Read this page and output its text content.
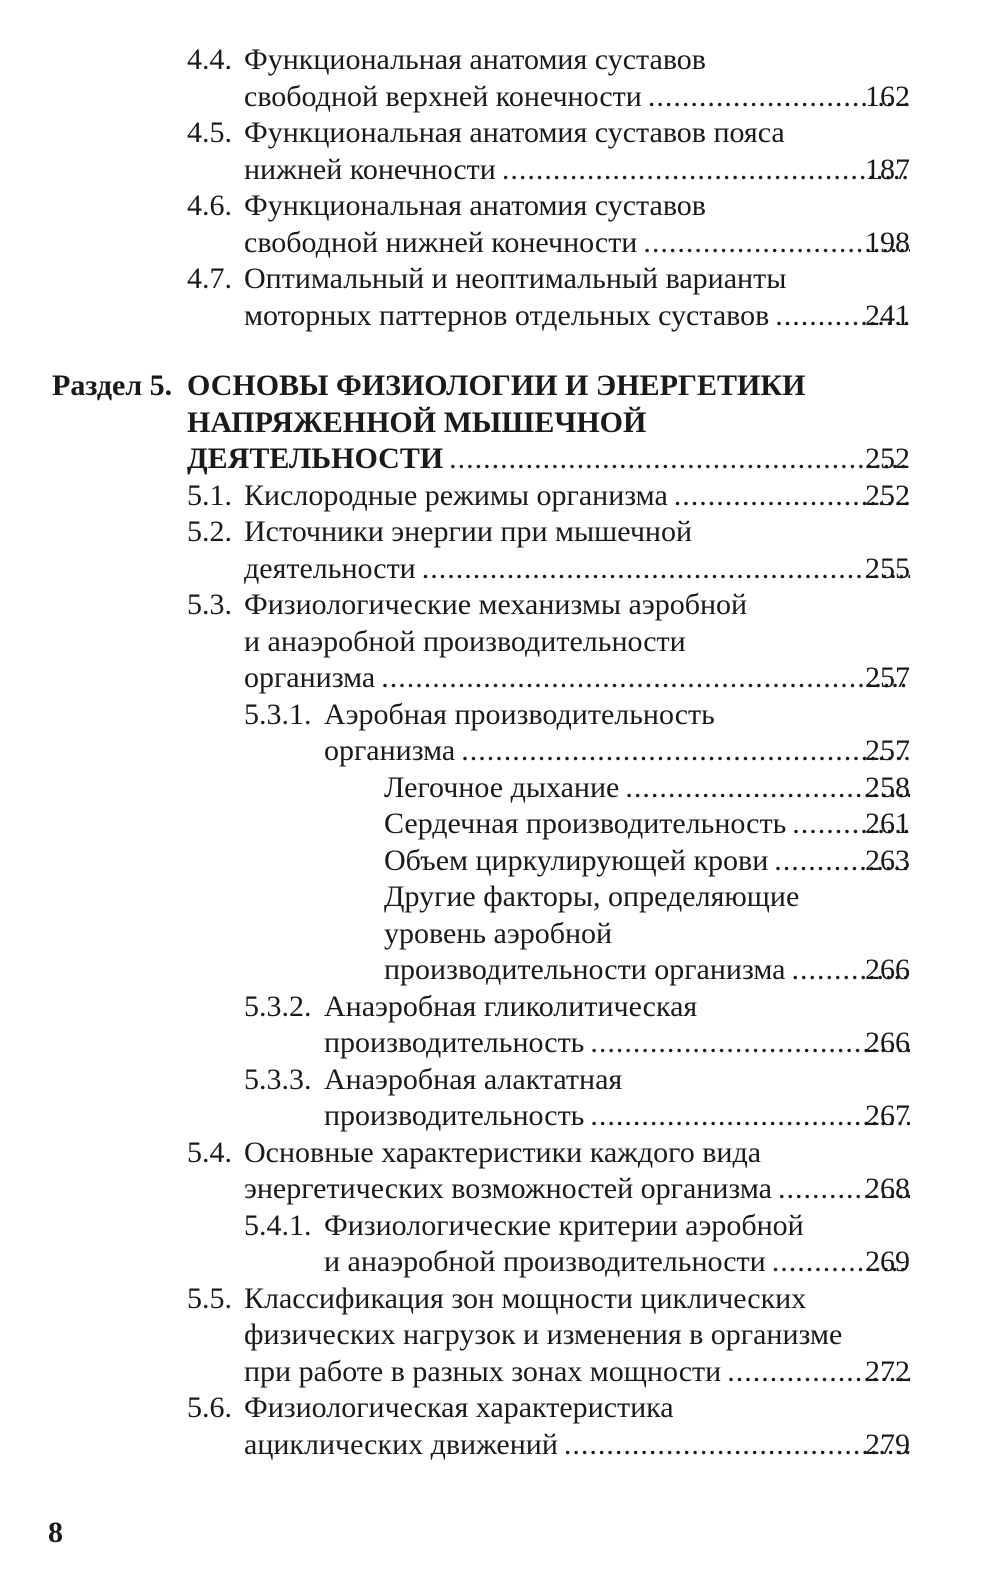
4.4. Функциональная анатомия суставов
свободной верхней конечности .....	162
4.5. Функциональная анатомия суставов пояса
нижней конечности .....	187
4.6. Функциональная анатомия суставов
свободной нижней конечности .....	198
4.7. Оптимальный и неоптимальный варианты
моторных паттернов отдельных суставов .....	241
Раздел 5. ОСНОВЫ ФИЗИОЛОГИИ И ЭНЕРГЕТИКИ
НАПРЯЖЕННОЙ МЫШЕЧНОЙ
ДЕЯТЕЛЬНОСТИ .....	252
5.1. Кислородные режимы организма .....	252
5.2. Источники энергии при мышечной
деятельности .....	255
5.3. Физиологические механизмы аэробной
и анаэробной производительности
организма .....	257
5.3.1. Аэробная производительность
организма .....	257
Легочное дыхание .....	258
Сердечная производительность .....	261
Объем циркулирующей крови .....	263
Другие факторы, определяющие
уровень аэробной
производительности организма .....	266
5.3.2. Анаэробная гликолитическая
производительность .....	266
5.3.3. Анаэробная алактатная
производительность .....	267
5.4. Основные характеристики каждого вида
энергетических возможностей организма .....	268
5.4.1. Физиологические критерии аэробной
и анаэробной производительности .....	269
5.5. Классификация зон мощности циклических
физических нагрузок и изменения в организме
при работе в разных зонах мощности .....	272
5.6. Физиологическая характеристика
ациклических движений .....	279
8
